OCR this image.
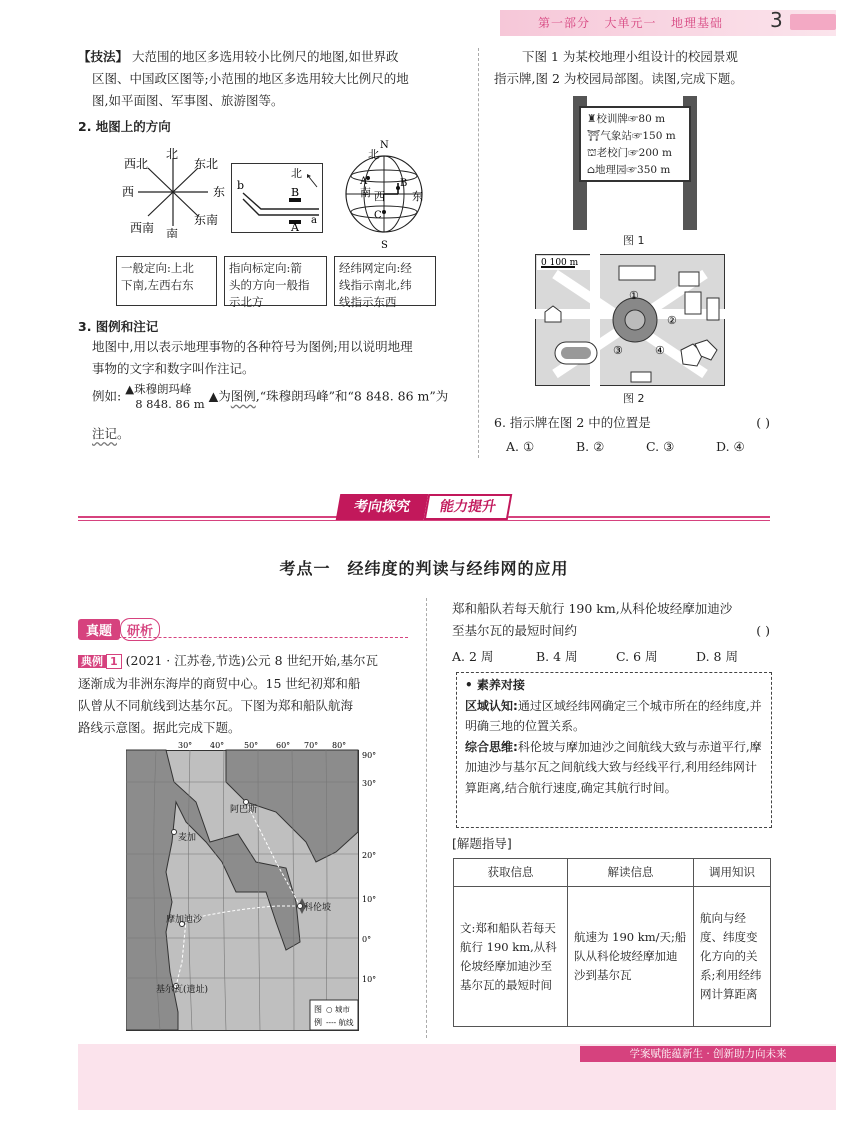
第一部分 大单元一 地理基础 3
【技法】 大范围的地区多选用较小比例尺的地图,如世界政
区图、中国政区图等;小范围的地区多选用较大比例尺的地
图,如平面图、军事图、旅游图等。
2. 地图上的方向
北
南
东
西
东北
西北
东南
西南
北
b
B
A
a
N
S
北
南	东
西
A	B
C
一般定向:上北
下南,左西右东
指向标定向:箭
头的方向一般指
示北方
经纬网定向:经
线指示南北,纬
线指示东西
3. 图例和注记
地图中,用以表示地理事物的各种符号为图例;用以说明地理
事物的文字和数字叫作注记。
例如: ▲珠穆朗玛峰
8 848. 86 m
▲为图例,“珠穆朗玛峰”和“8 848. 86 m”为
注记。
下图 1 为某校地理小组设计的校园景观
指示牌,图 2 为校园局部图。读图,完成下题。
♜校训牌☞80 m
⛩气象站☞150 m
⛫老校门☞200 m
⌂地理园☞350 m
图 1
0 100 m
①
②
③	④
图 2
6. 指示牌在图 2 中的位置是	( )
A. ①	B. ②	C. ③	D. ④
考向探究	能力提升
考点一　经纬度的判读与经纬网的应用
真题 研析
典例 1 (2021 · 江苏卷,节选)公元 8 世纪开始,基尔瓦
逐渐成为非洲东海岸的商贸中心。15 世纪初郑和船
队曾从不同航线到达基尔瓦。下图为郑和船队航海
路线示意图。据此完成下题。
30° 40° 50° 60° 70° 80°
90°
30°
20°
10°
0°
10°
阿巴斯
麦加
科伦坡
摩加迪沙
基尔瓦(遗址)
图
例
○ 城市
---- 航线
郑和船队若每天航行 190 km,从科伦坡经摩加迪沙
至基尔瓦的最短时间约	( )
A. 2 周	B. 4 周	C. 6 周	D. 8 周
• 素养对接
区域认知:通过区域经纬网确定三个城市所在的经纬度,并明确三地的位置关系。
综合思维:科伦坡与摩加迪沙之间航线大致与赤道平行,摩加迪沙与基尔瓦之间航线大致与经线平行,利用经纬网计算距离,结合航行速度,确定其航行时间。
[解题指导]
获取信息	解读信息	调用知识
文:郑和船队若每天航行 190 km,从科伦坡经摩加迪沙至基尔瓦的最短时间	航速为 190 km/天;船队从科伦坡经摩加迪沙到基尔瓦	航向与经度、纬度变化方向的关系;利用经纬网计算距离
学案赋能蕴新生 · 创新助力向未来
